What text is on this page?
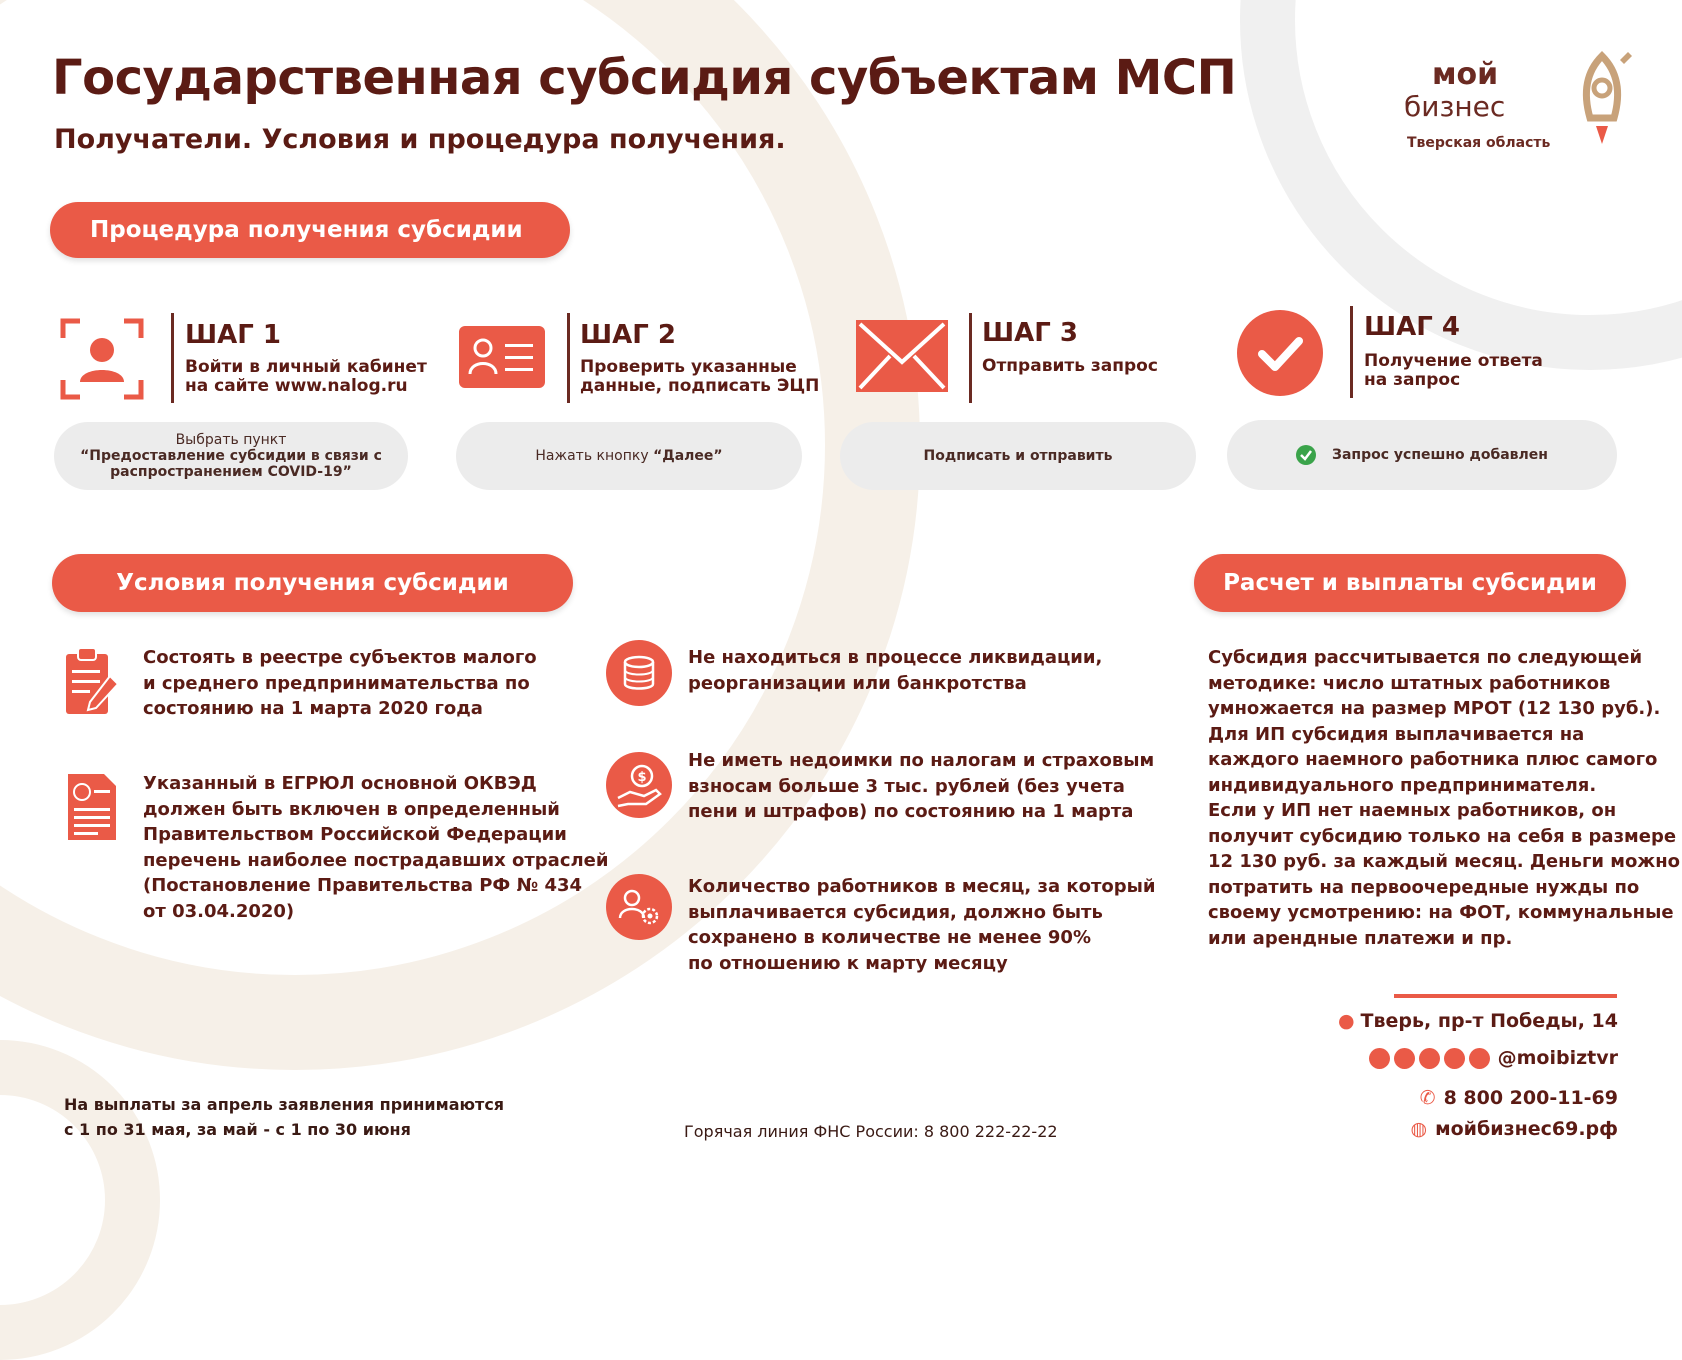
Государственная субсидия субъектам МСП
Получатели. Условия и процедура получения.
мой
бизнес
Тверская область
Процедура получения субсидии
ШАГ 1
Войти в личный кабинет
на сайте www.nalog.ru
Выбрать пункт
“Предоставление субсидии в связи с
распространением COVID-19”
ШАГ 2
Проверить указанные
данные, подписать ЭЦП
Нажать кнопку “Далее”
ШАГ 3
Отправить запрос
Подписать и отправить
ШАГ 4
Получение ответа
на запрос
Запрос успешно добавлен
Условия получения субсидии	Расчет и выплаты субсидии
Состоять в реестре субъектов малого
и среднего предпринимательства по
состоянию на 1 марта 2020 года
Указанный в ЕГРЮЛ основной ОКВЭД
должен быть включен в определенный
Правительством Российской Федерации
перечень наиболее пострадавших отраслей
(Постановление Правительства РФ № 434
от 03.04.2020)
Не находиться в процессе ликвидации,
реорганизации или банкротства
$
Не иметь недоимки по налогам и страховым
взносам больше 3 тыс. рублей (без учета
пени и штрафов) по состоянию на 1 марта
Количество работников в месяц, за который
выплачивается субсидия, должно быть
сохранено в количестве не менее 90%
по отношению к марту месяцу
Субсидия рассчитывается по следующей
методике: число штатных работников
умножается на размер МРОТ (12 130 руб.).
Для ИП субсидия выплачивается на
каждого наемного работника плюс самого
индивидуального предпринимателя.
Если у ИП нет наемных работников, он
получит субсидию только на себя в размере
12 130 руб. за каждый месяц. Деньги можно
потратить на первоочередные нужды по
своему усмотрению: на ФОТ, коммунальные
или арендные платежи и пр.
● Тверь, пр-т Победы, 14
@moibiztvr
✆ 8 800 200-11-69
◍ мойбизнес69.рф
На выплаты за апрель заявления принимаются
с 1 по 31 мая, за май - с 1 по 30 июня	Горячая линия ФНС России: 8 800 222-22-22
